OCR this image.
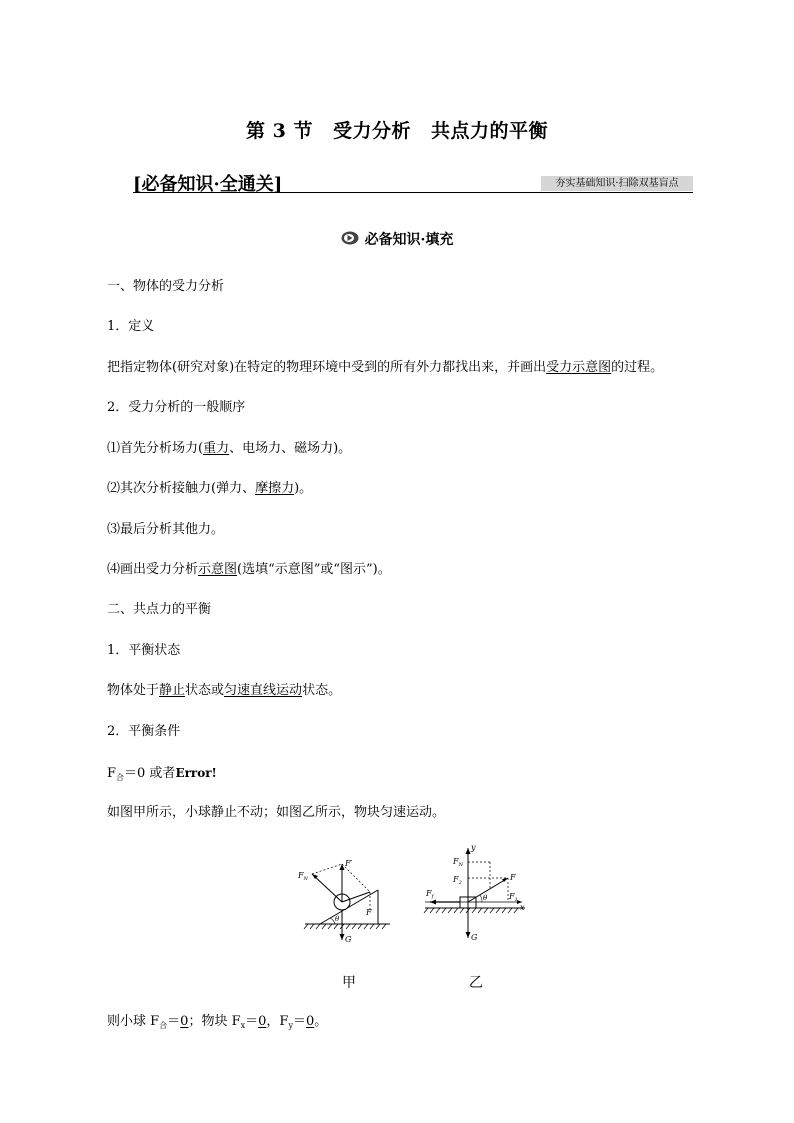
第 3 节 受力分析 共点力的平衡
[必备知识·全通关]	夯实基础知识·扫除双基盲点
必备知识·填充
一、物体的受力分析
1．定义
把指定物体(研究对象)在特定的物理环境中受到的所有外力都找出来，并画出受力示意图的过程。
2．受力分析的一般顺序
⑴首先分析场力(重力、电场力、磁场力)。
⑵其次分析接触力(弹力、摩擦力)。
⑶最后分析其他力。
⑷画出受力分析示意图(选填“示意图”或“图示”)。
二、共点力的平衡
1．平衡状态
物体处于静止状态或匀速直线运动状态。
2．平衡条件
$F_合=0$ 或者Error!
如图甲所示，小球静止不动；如图乙所示，物块匀速运动。
$F_N$
F′
F
θ
G
y
$F_N$
$F_2$
F
$F_f$	$F_1$
θ
x
G
甲	乙
则小球 $F_合=0$；物块 $F_x=0$，$F_y=0$。
